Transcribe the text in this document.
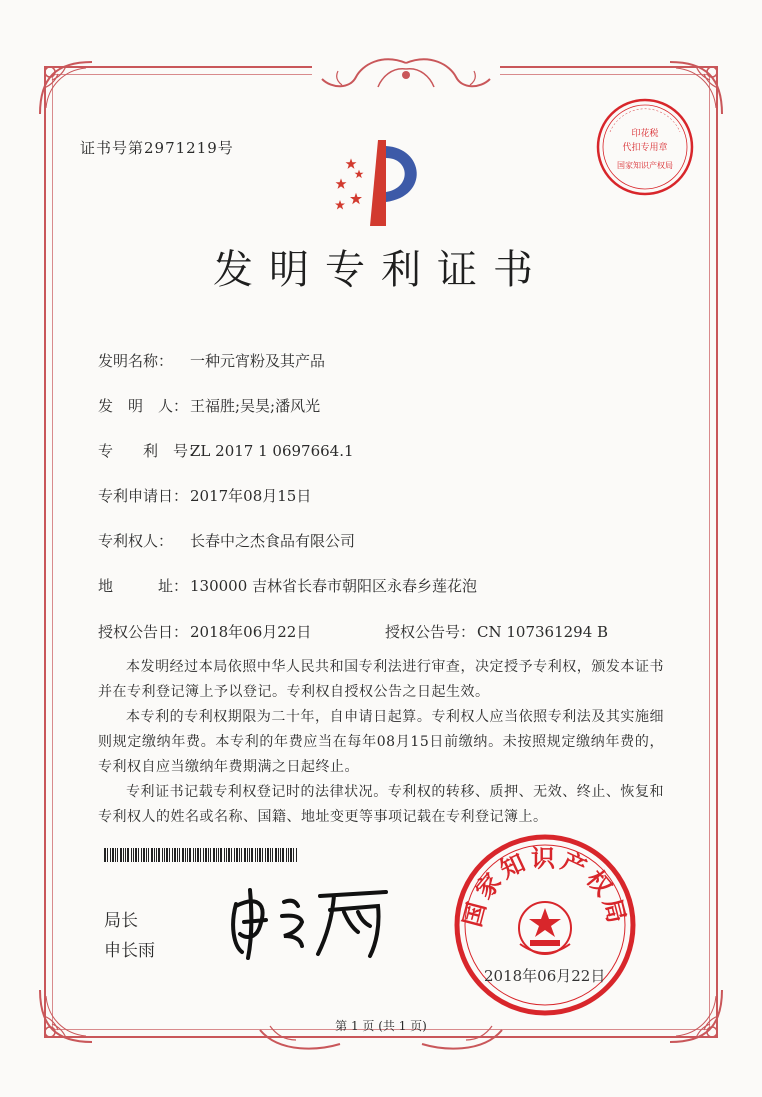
证书号第2971219号
印花税
代扣专用章
国家知识产权局
发明专利证书
发明名称： 一种元宵粉及其产品
发　明　人： 王福胜;吴昊;潘风光
专　　利　号：ZL 2017 1 0697664.1
专利申请日： 2017年08月15日
专利权人： 长春中之杰食品有限公司
地　　　址： 130000 吉林省长春市朝阳区永春乡莲花泡
授权公告日： 2018年06月22日	授权公告号： CN 107361294 B

本发明经过本局依照中华人民共和国专利法进行审查，决定授予专利权，颁发本证书并在专利登记簿上予以登记。专利权自授权公告之日起生效。

本专利的专利权期限为二十年，自申请日起算。专利权人应当依照专利法及其实施细则规定缴纳年费。本专利的年费应当在每年08月15日前缴纳。未按照规定缴纳年费的，专利权自应当缴纳年费期满之日起终止。

专利证书记载专利权登记时的法律状况。专利权的转移、质押、无效、终止、恢复和专利权人的姓名或名称、国籍、地址变更等事项记载在专利登记簿上。

局长
申长雨
国家知识产权局
2018年06月22日
第 1 页 (共 1 页)
